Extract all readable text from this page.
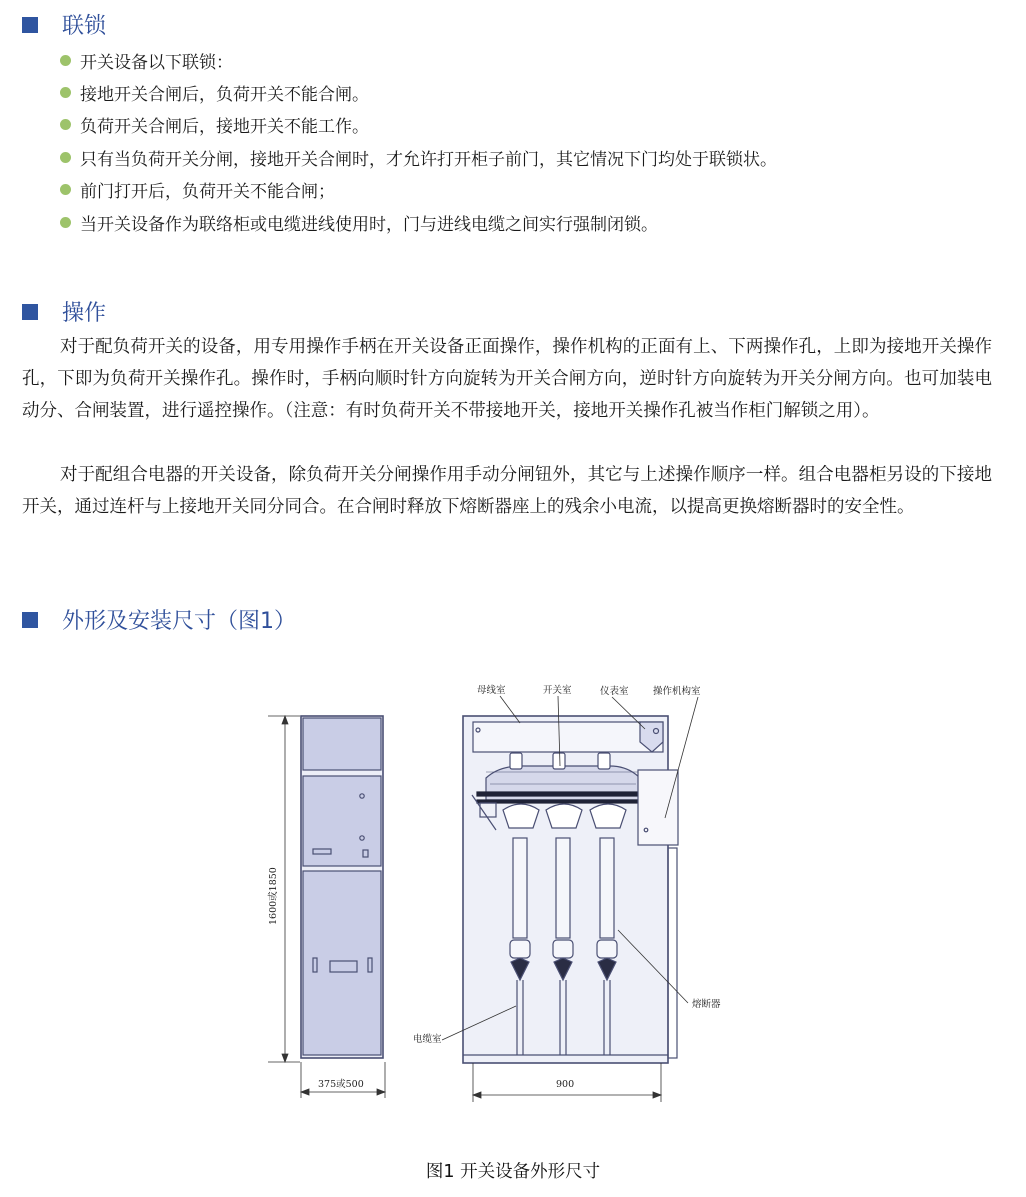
联锁
开关设备以下联锁：
接地开关合闸后，负荷开关不能合闸。
负荷开关合闸后，接地开关不能工作。
只有当负荷开关分闸，接地开关合闸时，才允许打开柜子前门，其它情况下门均处于联锁状。
前门打开后，负荷开关不能合闸；
当开关设备作为联络柜或电缆进线使用时，门与进线电缆之间实行强制闭锁。
操作

对于配负荷开关的设备，用专用操作手柄在开关设备正面操作，操作机构的正面有上、下两操作孔，上即为接地开关操作孔，下即为负荷开关操作孔。操作时，手柄向顺时针方向旋转为开关合闸方向，逆时针方向旋转为开关分闸方向。也可加装电动分、合闸装置，进行遥控操作。（注意：有时负荷开关不带接地开关，接地开关操作孔被当作柜门解锁之用）。

对于配组合电器的开关设备，除负荷开关分闸操作用手动分闸钮外，其它与上述操作顺序一样。组合电器柜另设的下接地开关，通过连杆与上接地开关同分同合。在合闸时释放下熔断器座上的残余小电流，以提高更换熔断器时的安全性。

外形及安装尺寸（图1）
母线室	开关室	仪表室	操作机构室
熔断器
电缆室
900
375或500
1600或1850
图1 开关设备外形尺寸
